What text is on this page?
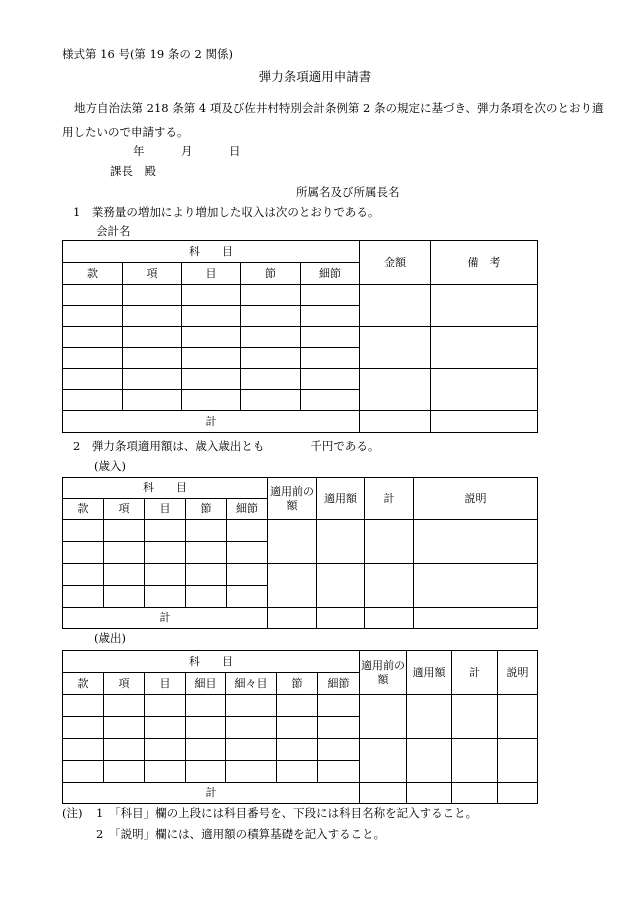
様式第 16 号(第 19 条の 2 関係)
弾力条項適用申請書
地方自治法第 218 条第 4 項及び佐井村特別会計条例第 2 条の規定に基づき、弾力条項を次のとおり適用したいので申請する。
年	月	日
課長　殿
所属名及び所属長名
1　業務量の増加により増加した収入は次のとおりである。
会計名
科　　目					金額	備　考
款	項	目	節	細節		

計						
2　弾力条項適用額は、歳入歳出とも　　　　千円である。
(歳入)
科　　目					適用前の額	適用額	計	説明
款	項	目	節	細節				

計								
(歳出)
科　　目							適用前の額	適用額	計	説明
款	項	目	細目	細々目	節	細節				

計										
(注) 1　「科目」欄の上段には科目番号を、下段には科目名称を記入すること。
2　「説明」欄には、適用額の積算基礎を記入すること。
